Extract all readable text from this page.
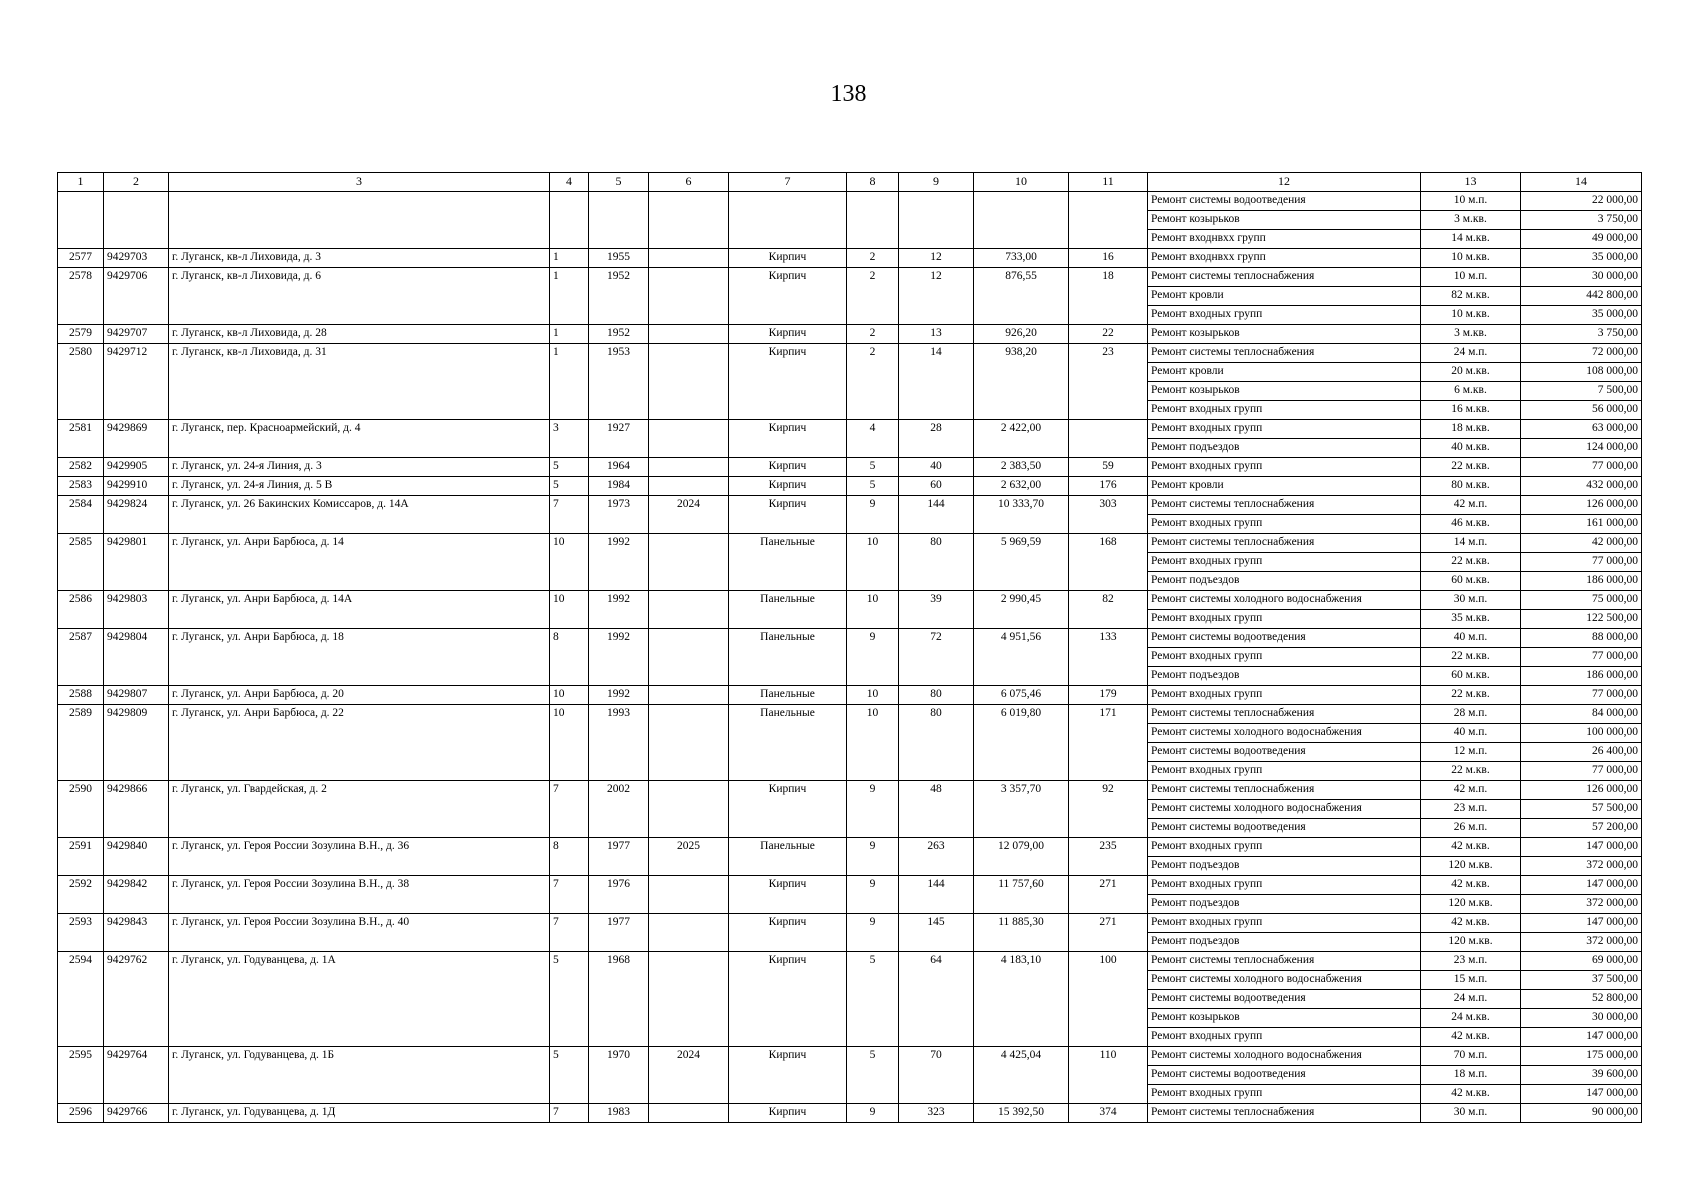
138
1	2	3	4	5	6	7	8	9	10	11	12	13	14
											Ремонт системы водоотведения	10 м.п.	22 000,00
											Ремонт козырьков	3 м.кв.	3 750,00
											Ремонт входнвхх групп	14 м.кв.	49 000,00
2577	9429703	г. Луганск, кв-л Лиховида, д. 3	1	1955		Кирпич	2	12	733,00	16	Ремонт входнвхх групп	10 м.кв.	35 000,00
2578	9429706	г. Луганск, кв-л Лиховида, д. 6	1	1952		Кирпич	2	12	876,55	18	Ремонт системы теплоснабжения	10 м.п.	30 000,00
											Ремонт кровли	82 м.кв.	442 800,00
											Ремонт входных групп	10 м.кв.	35 000,00
2579	9429707	г. Луганск, кв-л Лиховида, д. 28	1	1952		Кирпич	2	13	926,20	22	Ремонт козырьков	3 м.кв.	3 750,00
2580	9429712	г. Луганск, кв-л Лиховида, д. 31	1	1953		Кирпич	2	14	938,20	23	Ремонт системы теплоснабжения	24 м.п.	72 000,00
											Ремонт кровли	20 м.кв.	108 000,00
											Ремонт козырьков	6 м.кв.	7 500,00
											Ремонт входных групп	16 м.кв.	56 000,00
2581	9429869	г. Луганск, пер. Красноармейский, д. 4	3	1927		Кирпич	4	28	2 422,00		Ремонт входных групп	18 м.кв.	63 000,00
											Ремонт подъездов	40 м.кв.	124 000,00
2582	9429905	г. Луганск, ул. 24-я Линия, д. 3	5	1964		Кирпич	5	40	2 383,50	59	Ремонт входных групп	22 м.кв.	77 000,00
2583	9429910	г. Луганск, ул. 24-я Линия, д. 5 В	5	1984		Кирпич	5	60	2 632,00	176	Ремонт кровли	80 м.кв.	432 000,00
2584	9429824	г. Луганск, ул. 26 Бакинских Комиссаров, д. 14А	7	1973	2024	Кирпич	9	144	10 333,70	303	Ремонт системы теплоснабжения	42 м.п.	126 000,00
											Ремонт входных групп	46 м.кв.	161 000,00
2585	9429801	г. Луганск, ул. Анри Барбюса, д. 14	10	1992		Панельные	10	80	5 969,59	168	Ремонт системы теплоснабжения	14 м.п.	42 000,00
											Ремонт входных групп	22 м.кв.	77 000,00
											Ремонт подъездов	60 м.кв.	186 000,00
2586	9429803	г. Луганск, ул. Анри Барбюса, д. 14А	10	1992		Панельные	10	39	2 990,45	82	Ремонт системы холодного водоснабжения	30 м.п.	75 000,00
											Ремонт входных групп	35 м.кв.	122 500,00
2587	9429804	г. Луганск, ул. Анри Барбюса, д. 18	8	1992		Панельные	9	72	4 951,56	133	Ремонт системы водоотведения	40 м.п.	88 000,00
											Ремонт входных групп	22 м.кв.	77 000,00
											Ремонт подъездов	60 м.кв.	186 000,00
2588	9429807	г. Луганск, ул. Анри Барбюса, д. 20	10	1992		Панельные	10	80	6 075,46	179	Ремонт входных групп	22 м.кв.	77 000,00
2589	9429809	г. Луганск, ул. Анри Барбюса, д. 22	10	1993		Панельные	10	80	6 019,80	171	Ремонт системы теплоснабжения	28 м.п.	84 000,00
											Ремонт системы холодного водоснабжения	40 м.п.	100 000,00
											Ремонт системы водоотведения	12 м.п.	26 400,00
											Ремонт входных групп	22 м.кв.	77 000,00
2590	9429866	г. Луганск, ул. Гвардейская, д. 2	7	2002		Кирпич	9	48	3 357,70	92	Ремонт системы теплоснабжения	42 м.п.	126 000,00
											Ремонт системы холодного водоснабжения	23 м.п.	57 500,00
											Ремонт системы водоотведения	26 м.п.	57 200,00
2591	9429840	г. Луганск, ул. Героя России Зозулина В.Н., д. 36	8	1977	2025	Панельные	9	263	12 079,00	235	Ремонт входных групп	42 м.кв.	147 000,00
											Ремонт подъездов	120 м.кв.	372 000,00
2592	9429842	г. Луганск, ул. Героя России Зозулина В.Н., д. 38	7	1976		Кирпич	9	144	11 757,60	271	Ремонт входных групп	42 м.кв.	147 000,00
											Ремонт подъездов	120 м.кв.	372 000,00
2593	9429843	г. Луганск, ул. Героя России Зозулина В.Н., д. 40	7	1977		Кирпич	9	145	11 885,30	271	Ремонт входных групп	42 м.кв.	147 000,00
											Ремонт подъездов	120 м.кв.	372 000,00
2594	9429762	г. Луганск, ул. Годуванцева, д. 1А	5	1968		Кирпич	5	64	4 183,10	100	Ремонт системы теплоснабжения	23 м.п.	69 000,00
											Ремонт системы холодного водоснабжения	15 м.п.	37 500,00
											Ремонт системы водоотведения	24 м.п.	52 800,00
											Ремонт козырьков	24 м.кв.	30 000,00
											Ремонт входных групп	42 м.кв.	147 000,00
2595	9429764	г. Луганск, ул. Годуванцева, д. 1Б	5	1970	2024	Кирпич	5	70	4 425,04	110	Ремонт системы холодного водоснабжения	70 м.п.	175 000,00
											Ремонт системы водоотведения	18 м.п.	39 600,00
											Ремонт входных групп	42 м.кв.	147 000,00
2596	9429766	г. Луганск, ул. Годуванцева, д. 1Д	7	1983		Кирпич	9	323	15 392,50	374	Ремонт системы теплоснабжения	30 м.п.	90 000,00
